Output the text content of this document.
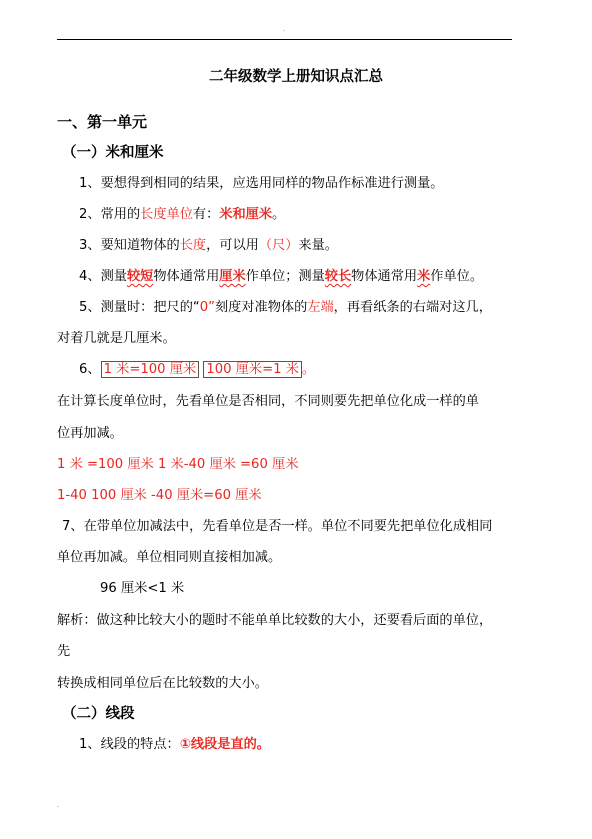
.
二年级数学上册知识点汇总
一、第一单元
（一）米和厘米
1、要想得到相同的结果，应选用同样的物品作标准进行测量。
2、常用的长度单位有：米和厘米。
3、要知道物体的长度，可以用（尺）来量。
4、测量较短物体通常用厘米作单位；测量较长物体通常用米作单位。
5、测量时：把尺的“0”刻度对准物体的左端，再看纸条的右端对这几，
对着几就是几厘米。
6、 1 米=100 厘米 100 厘米=1 米 。
在计算长度单位时，先看单位是否相同，不同则要先把单位化成一样的单
位再加减。
1 米 =100 厘米 1 米-40 厘米 =60 厘米
1-40 100 厘米 -40 厘米=60 厘米
7、在带单位加减法中，先看单位是否一样。单位不同要先把单位化成相同
单位再加减。单位相同则直接相加减。
96 厘米<1 米
解析：做这种比较大小的题时不能单单比较数的大小，还要看后面的单位，
先
转换成相同单位后在比较数的大小。
（二）线段
1、线段的特点：①线段是直的。
.
